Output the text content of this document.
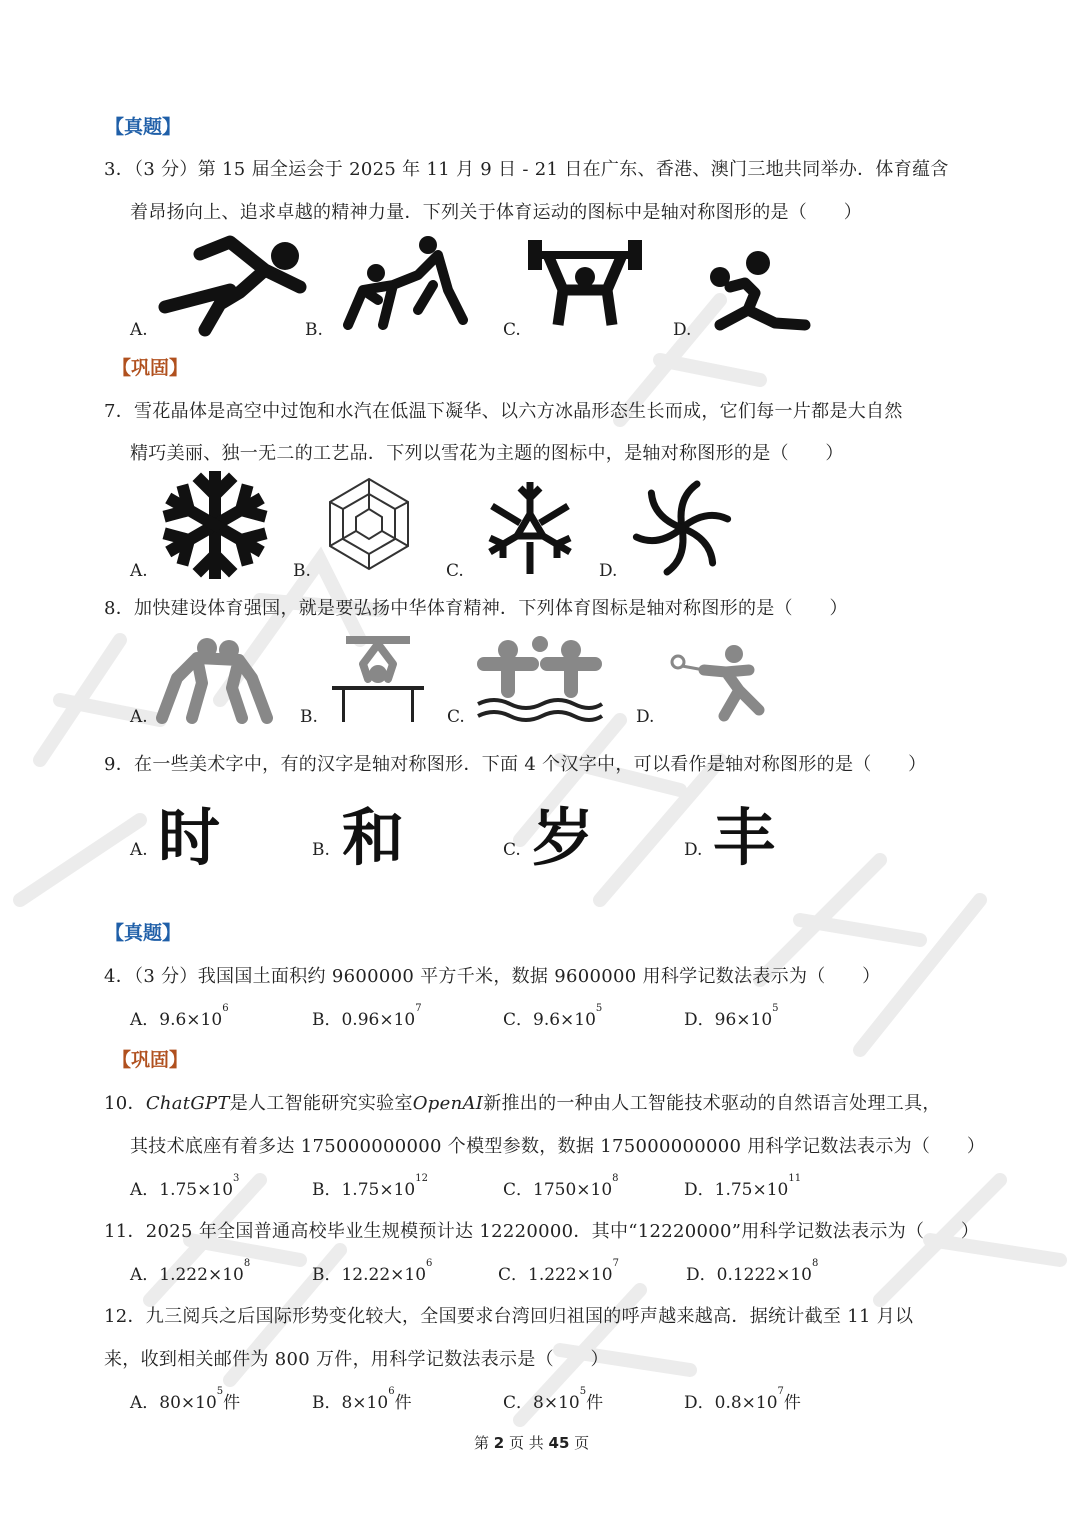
【真题】
3．（3 分）第 15 届全运会于 2025 年 11 月 9 日 - 21 日在广东、香港、澳门三地共同举办．体育蕴含
着昂扬向上、追求卓越的精神力量．下列关于体育运动的图标中是轴对称图形的是（　　）
A.	B.	C.	D.
【巩固】
7．雪花晶体是高空中过饱和水汽在低温下凝华、以六方冰晶形态生长而成，它们每一片都是大自然
精巧美丽、独一无二的工艺品．下列以雪花为主题的图标中，是轴对称图形的是（　　）
A.	B.	C.	D.
8．加快建设体育强国，就是要弘扬中华体育精神．下列体育图标是轴对称图形的是（　　）
A.	B.	C.	D.
9．在一些美术字中，有的汉字是轴对称图形．下面 4 个汉字中，可以看作是轴对称图形的是（　　）
A. 时	B. 和	C. 岁	D. 丰
【真题】
4．（3 分）我国国土面积约 9600000 平方千米，数据 9600000 用科学记数法表示为（　　）
A．$9.6\times 10^6$
B．$0.96\times 10^7$
C．$9.6\times 10^5$
D．$96\times 10^5$
【巩固】
10．ChatGPT是人工智能研究实验室OpenAI新推出的一种由人工智能技术驱动的自然语言处理工具，
其技术底座有着多达 175000000000 个模型参数，数据 175000000000 用科学记数法表示为（　　）
A．$1.75\times 10^3$
B．$1.75\times 10^{12}$
C．$1750\times 10^8$
D．$1.75\times 10^{11}$
11．2025 年全国普通高校毕业生规模预计达 12220000．其中“12220000”用科学记数法表示为（　　）
A．$1.222\times 10^8$
B．$12.22\times 10^6$
C．$1.222\times 10^7$
D．$0.1222\times 10^8$
12．九三阅兵之后国际形势变化较大，全国要求台湾回归祖国的呼声越来越高．据统计截至 11 月以
来，收到相关邮件为 800 万件，用科学记数法表示是（　　）
A．$80\times 10^5$件	B．$8\times 10^6$件	C．$8\times 10^5$件	D．$0.8\times 10^7$件
第 2 页 共 45 页
